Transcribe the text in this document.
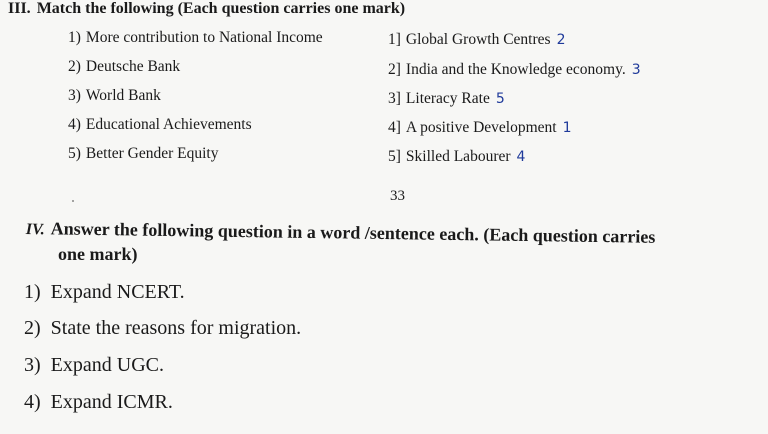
III. Match the following (Each question carries one mark)
1) More contribution to National Income
2) Deutsche Bank
3) World Bank
4) Educational Achievements
5) Better Gender Equity
1] Global Growth Centres 2
2] India and the Knowledge economy. 3
3] Literacy Rate 5
4] A positive Development 1
5] Skilled Labourer 4
33
IV. Answer the following question in a word /sentence each. (Each question carries
one mark)
1) Expand NCERT.
2) State the reasons for migration.
3) Expand UGC.
4) Expand ICMR.
